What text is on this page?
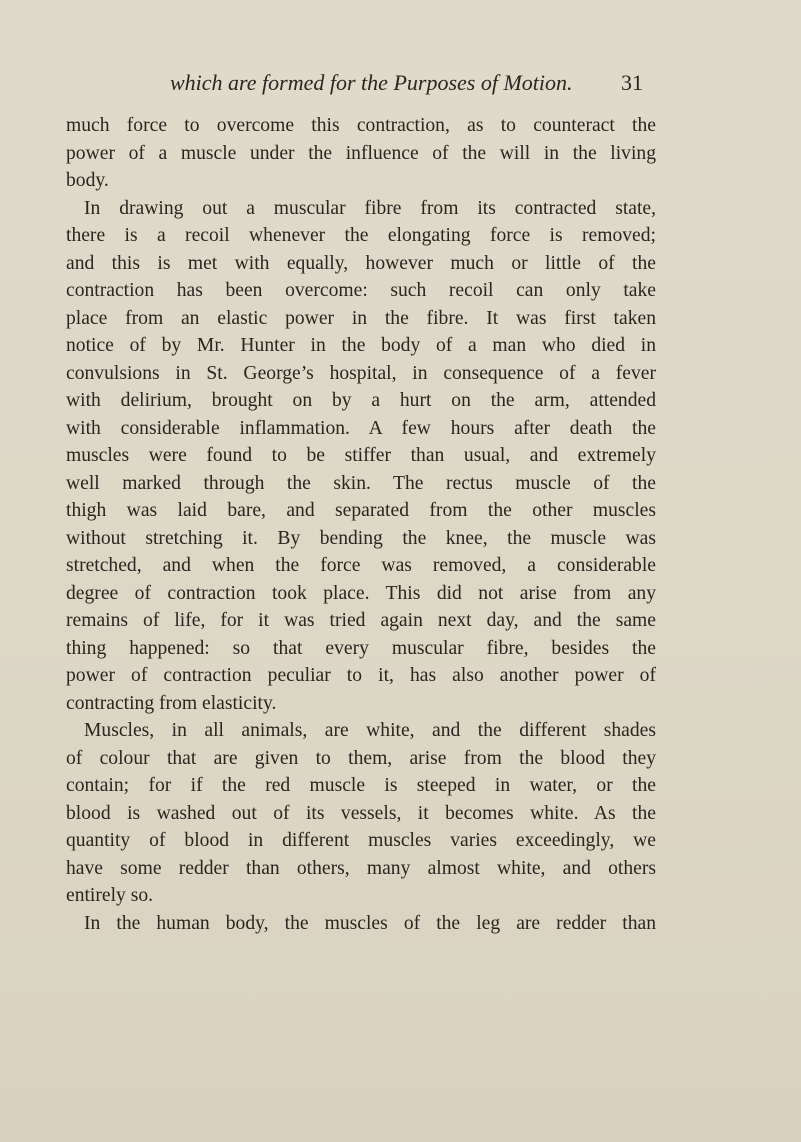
which are formed for the Purposes of Motion.	31
much force to overcome this contraction, as to counteract the
power of a muscle under the influence of the will in the living
body.
In drawing out a muscular fibre from its contracted state,
there is a recoil whenever the elongating force is removed;
and this is met with equally, however much or little of the
contraction has been overcome: such recoil can only take
place from an elastic power in the fibre. It was first taken
notice of by Mr. Hunter in the body of a man who died in
convulsions in St. George’s hospital, in consequence of a fever
with delirium, brought on by a hurt on the arm, attended
with considerable inflammation. A few hours after death the
muscles were found to be stiffer than usual, and extremely
well marked through the skin. The rectus muscle of the
thigh was laid bare, and separated from the other muscles
without stretching it. By bending the knee, the muscle was
stretched, and when the force was removed, a considerable
degree of contraction took place. This did not arise from any
remains of life, for it was tried again next day, and the same
thing happened: so that every muscular fibre, besides the
power of contraction peculiar to it, has also another power of
contracting from elasticity.
Muscles, in all animals, are white, and the different shades
of colour that are given to them, arise from the blood they
contain; for if the red muscle is steeped in water, or the
blood is washed out of its vessels, it becomes white. As the
quantity of blood in different muscles varies exceedingly, we
have some redder than others, many almost white, and others
entirely so.
In the human body, the muscles of the leg are redder than
